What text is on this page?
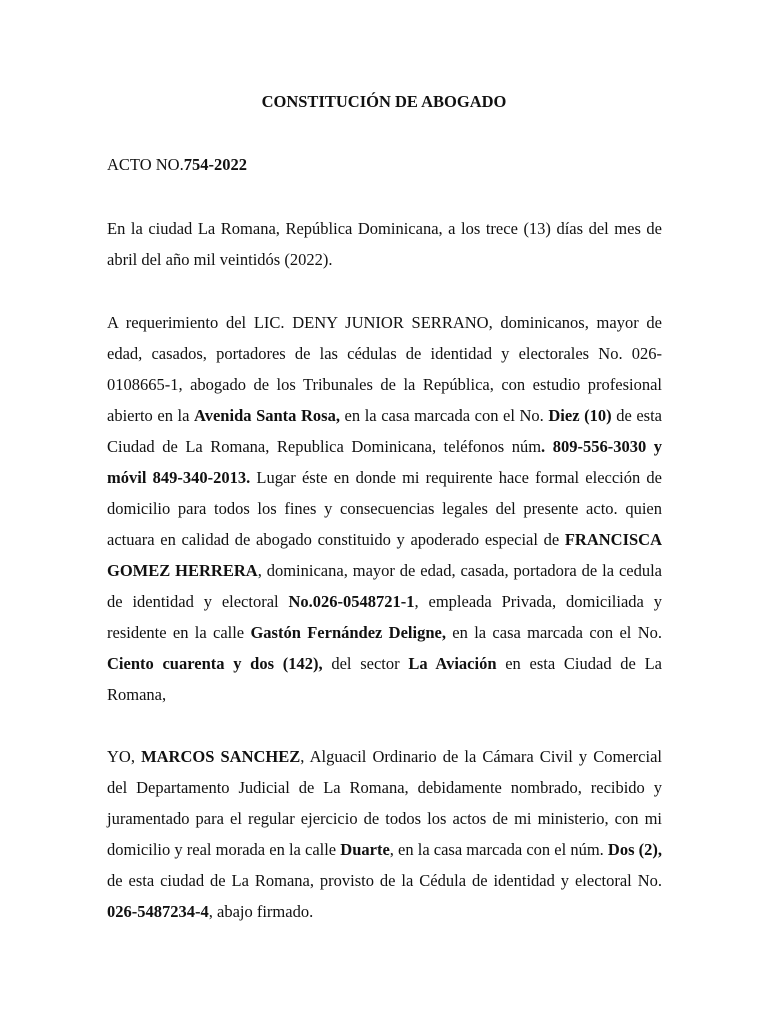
CONSTITUCIÓN DE ABOGADO

ACTO NO.754-2022

En la ciudad La Romana, República Dominicana, a los trece (13) días del mes de abril del año mil veintidós (2022).

A requerimiento del LIC. DENY JUNIOR SERRANO, dominicanos, mayor de edad, casados, portadores de las cédulas de identidad y electorales No. 026-0108665-1, abogado de los Tribunales de la República, con estudio profesional abierto en la Avenida Santa Rosa, en la casa marcada con el No. Diez (10) de esta Ciudad de La Romana, Republica Dominicana, teléfonos núm. 809-556-3030 y móvil 849-340-2013. Lugar éste en donde mi requirente hace formal elección de domicilio para todos los fines y consecuencias legales del presente acto. quien actuara en calidad de abogado constituido y apoderado especial de FRANCISCA GOMEZ HERRERA, dominicana, mayor de edad, casada, portadora de la cedula de identidad y electoral No.026-0548721-1, empleada Privada, domiciliada y residente en la calle Gastón Fernández Deligne, en la casa marcada con el No. Ciento cuarenta y dos (142), del sector La Aviación en esta Ciudad de La Romana,

YO, MARCOS SANCHEZ, Alguacil Ordinario de la Cámara Civil y Comercial del Departamento Judicial de La Romana, debidamente nombrado, recibido y juramentado para el regular ejercicio de todos los actos de mi ministerio, con mi domicilio y real morada en la calle Duarte, en la casa marcada con el núm. Dos (2), de esta ciudad de La Romana, provisto de la Cédula de identidad y electoral No. 026-5487234-4, abajo firmado.
